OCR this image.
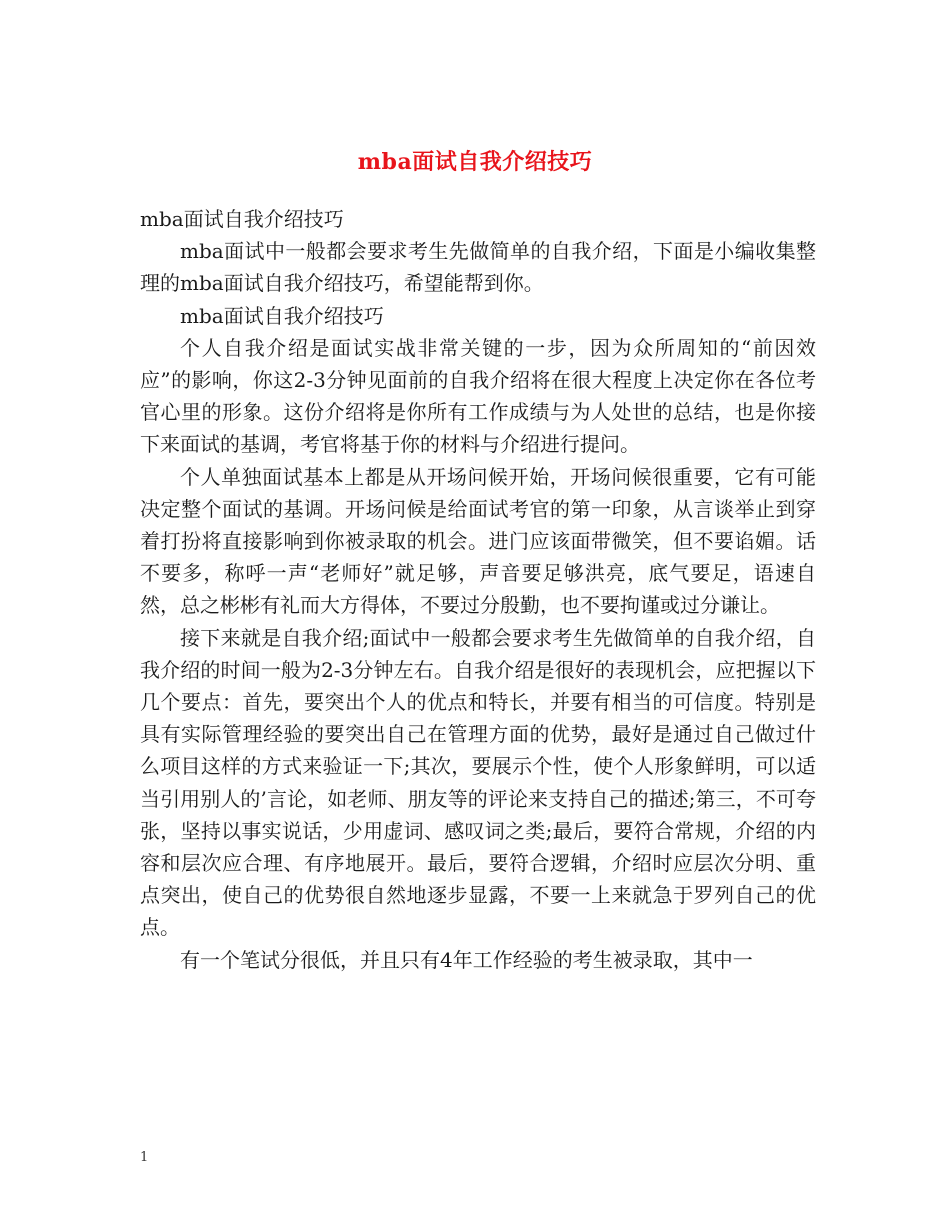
mba面试自我介绍技巧

mba面试自我介绍技巧

mba面试中一般都会要求考生先做简单的自我介绍，下面是小编收集整理的mba面试自我介绍技巧，希望能帮到你。

mba面试自我介绍技巧

个人自我介绍是面试实战非常关键的一步，因为众所周知的“前因效应”的影响，你这2-3分钟见面前的自我介绍将在很大程度上决定你在各位考官心里的形象。这份介绍将是你所有工作成绩与为人处世的总结，也是你接下来面试的基调，考官将基于你的材料与介绍进行提问。

个人单独面试基本上都是从开场问候开始，开场问候很重要，它有可能决定整个面试的基调。开场问候是给面试考官的第一印象，从言谈举止到穿着打扮将直接影响到你被录取的机会。进门应该面带微笑，但不要谄媚。话不要多，称呼一声“老师好”就足够，声音要足够洪亮，底气要足，语速自然，总之彬彬有礼而大方得体，不要过分殷勤，也不要拘谨或过分谦让。

接下来就是自我介绍;面试中一般都会要求考生先做简单的自我介绍，自我介绍的时间一般为2-3分钟左右。自我介绍是很好的表现机会，应把握以下几个要点：首先，要突出个人的优点和特长，并要有相当的可信度。特别是具有实际管理经验的要突出自己在管理方面的优势，最好是通过自己做过什么项目这样的方式来验证一下;其次，要展示个性，使个人形象鲜明，可以适当引用别人的’言论，如老师、朋友等的评论来支持自己的描述;第三，不可夸张，坚持以事实说话，少用虚词、感叹词之类;最后，要符合常规，介绍的内容和层次应合理、有序地展开。最后，要符合逻辑，介绍时应层次分明、重点突出，使自己的优势很自然地逐步显露，不要一上来就急于罗列自己的优点。

有一个笔试分很低，并且只有4年工作经验的考生被录取，其中一

1
